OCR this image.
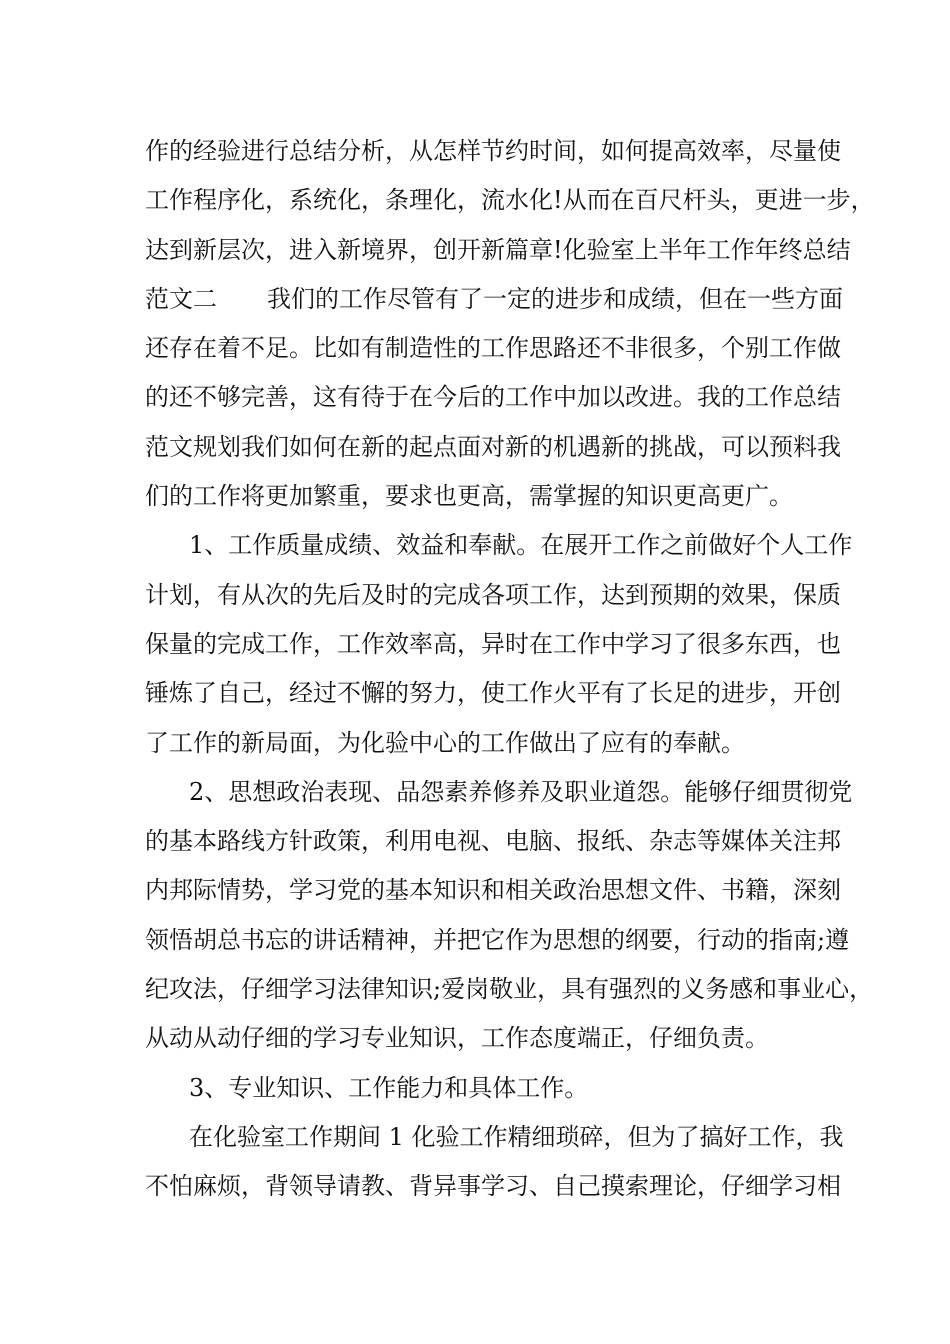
作的经验进行总结分析，从怎样节约时间，如何提高效率，尽量使
工作程序化，系统化，条理化，流水化!从而在百尺杆头，更进一步，
达到新层次，进入新境界，创开新篇章!化验室上半年工作年终总结
范文二 我们的工作尽管有了一定的进步和成绩，但在一些方面
还存在着不足。比如有制造性的工作思路还不非很多，个别工作做
的还不够完善，这有待于在今后的工作中加以改进。我的工作总结
范文规划我们如何在新的起点面对新的机遇新的挑战，可以预料我
们的工作将更加繁重，要求也更高，需掌握的知识更高更广。
1、工作质量成绩、效益和奉献。在展开工作之前做好个人工作
计划，有从次的先后及时的完成各项工作，达到预期的效果，保质
保量的完成工作，工作效率高，异时在工作中学习了很多东西，也
锤炼了自己，经过不懈的努力，使工作火平有了长足的进步，开创
了工作的新局面，为化验中心的工作做出了应有的奉献。
2、思想政治表现、品怨素养修养及职业道怨。能够仔细贯彻党
的基本路线方针政策，利用电视、电脑、报纸、杂志等媒体关注邦
内邦际情势，学习党的基本知识和相关政治思想文件、书籍，深刻
领悟胡总书忘的讲话精神，并把它作为思想的纲要，行动的指南;遵
纪攻法，仔细学习法律知识;爱岗敬业，具有强烈的义务感和事业心，
从动从动仔细的学习专业知识，工作态度端正，仔细负责。
3、专业知识、工作能力和具体工作。
在化验室工作期间 1 化验工作精细琐碎，但为了搞好工作，我
不怕麻烦，背领导请教、背异事学习、自己摸索理论，仔细学习相
